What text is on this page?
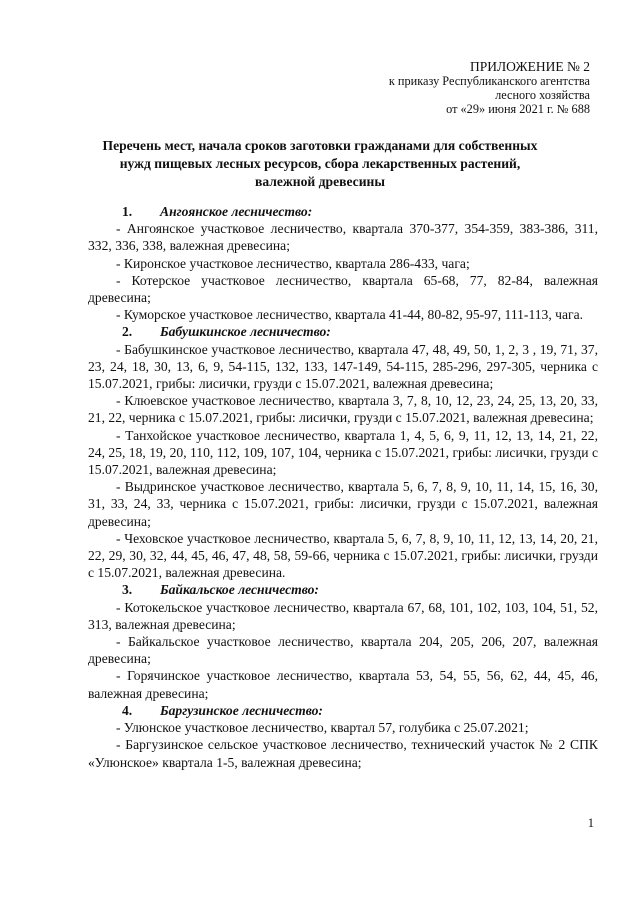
ПРИЛОЖЕНИЕ № 2
к приказу Республиканского агентства
лесного хозяйства
от «29» июня 2021 г. № 688
Перечень мест, начала сроков заготовки гражданами для собственных
нужд пищевых лесных ресурсов, сбора лекарственных растений,
валежной древесины

1. Ангоянское лесничество:

- Ангоянское участковое лесничество, квартала 370-377, 354-359, 383-386, 311, 332, 336, 338, валежная древесина;

- Киронское участковое лесничество, квартала 286-433, чага;

- Котерское участковое лесничество, квартала 65-68, 77, 82-84, валежная древесина;

- Куморское участковое лесничество, квартала 41-44, 80-82, 95-97, 111-113, чага.

2. Бабушкинское лесничество:

- Бабушкинское участковое лесничество, квартала 47, 48, 49, 50, 1, 2, 3 , 19, 71, 37, 23, 24, 18, 30, 13, 6, 9, 54-115, 132, 133, 147-149, 54-115, 285-296, 297-305, черника с 15.07.2021, грибы: лисички, грузди с 15.07.2021, валежная древесина;

- Клюевское участковое лесничество, квартала 3, 7, 8, 10, 12, 23, 24, 25, 13, 20, 33, 21, 22, черника с 15.07.2021, грибы: лисички, грузди с 15.07.2021, валежная древесина;

- Танхойское участковое лесничество, квартала 1, 4, 5, 6, 9, 11, 12, 13, 14, 21, 22, 24, 25, 18, 19, 20, 110, 112, 109, 107, 104, черника с 15.07.2021, грибы: лисички, грузди с 15.07.2021, валежная древесина;

- Выдринское участковое лесничество, квартала 5, 6, 7, 8, 9, 10, 11, 14, 15, 16, 30, 31, 33, 24, 33, черника с 15.07.2021, грибы: лисички, грузди с 15.07.2021, валежная древесина;

- Чеховское участковое лесничество, квартала 5, 6, 7, 8, 9, 10, 11, 12, 13, 14, 20, 21, 22, 29, 30, 32, 44, 45, 46, 47, 48, 58, 59-66, черника с 15.07.2021, грибы: лисички, грузди с 15.07.2021, валежная древесина.

3. Байкальское лесничество:

- Котокельское участковое лесничество, квартала 67, 68, 101, 102, 103, 104, 51, 52, 313, валежная древесина;

- Байкальское участковое лесничество, квартала 204, 205, 206, 207, валежная древесина;

- Горячинское участковое лесничество, квартала 53, 54, 55, 56, 62, 44, 45, 46, валежная древесина;

4. Баргузинское лесничество:

- Улюнское участковое лесничество, квартал 57, голубика с 25.07.2021;

- Баргузинское сельское участковое лесничество, технический участок № 2 СПК «Улюнское» квартала 1-5, валежная древесина;

1
